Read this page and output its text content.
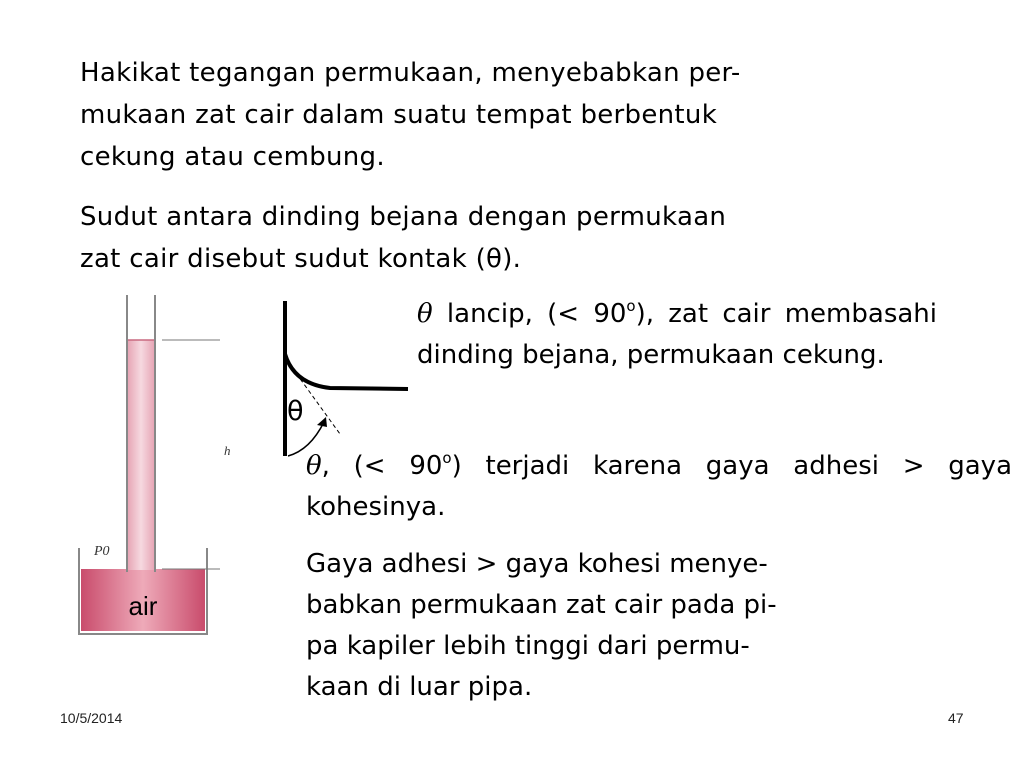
Hakikat tegangan permukaan, menyebabkan per-
mukaan zat cair dalam suatu tempat berbentuk
cekung atau cembung.

Sudut antara dinding bejana dengan permukaan
zat cair disebut sudut kontak (θ).

θ lancip, (< $90^o$), zat cair membasahi dinding bejana, permukaan cekung.

θ, (< $90^o$) terjadi karena gaya adhesi > gaya kohesinya.

Gaya adhesi > gaya kohesi menye-
babkan permukaan zat cair pada pi-
pa kapiler lebih tinggi dari permu-
kaan di luar pipa.

P0
h
air
θ
10/5/2014	47
